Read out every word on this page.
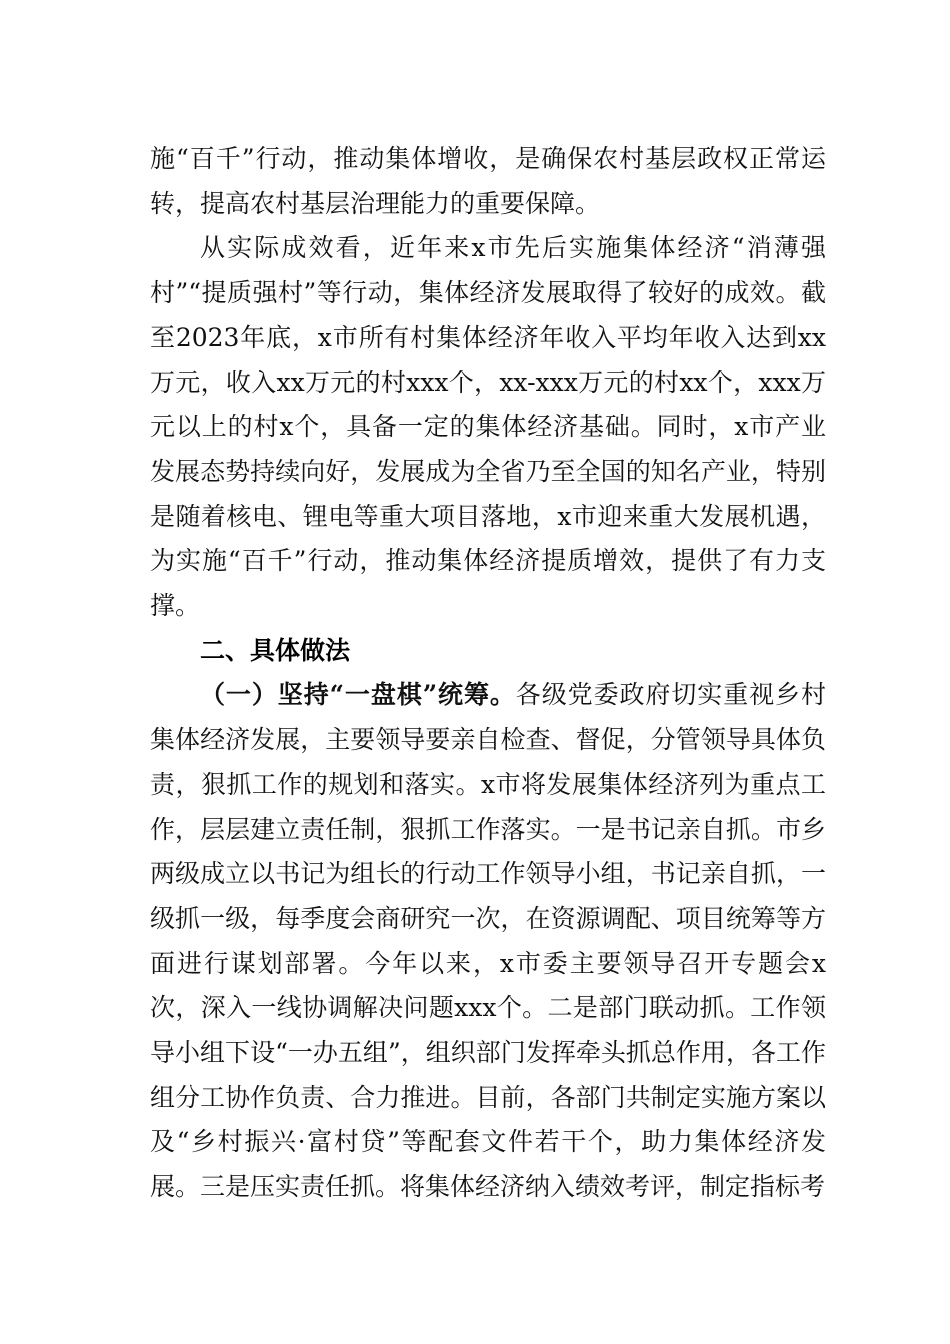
施“百千”行动，推动集体增收，是确保农村基层政权正常运转，提高农村基层治理能力的重要保障。

从实际成效看，近年来x市先后实施集体经济“消薄强村”“提质强村”等行动，集体经济发展取得了较好的成效。截至2023年底，x市所有村集体经济年收入平均年收入达到xx万元，收入xx万元的村xxx个，xx-xxx万元的村xx个，xxx万元以上的村x个，具备一定的集体经济基础。同时，x市产业发展态势持续向好，发展成为全省乃至全国的知名产业，特别是随着核电、锂电等重大项目落地，x市迎来重大发展机遇，为实施“百千”行动，推动集体经济提质增效，提供了有力支撑。

二、具体做法

（一）坚持“一盘棋”统筹。各级党委政府切实重视乡村集体经济发展，主要领导要亲自检查、督促，分管领导具体负责，狠抓工作的规划和落实。x市将发展集体经济列为重点工作，层层建立责任制，狠抓工作落实。一是书记亲自抓。市乡两级成立以书记为组长的行动工作领导小组，书记亲自抓，一级抓一级，每季度会商研究一次，在资源调配、项目统筹等方面进行谋划部署。今年以来，x市委主要领导召开专题会x次，深入一线协调解决问题xxx个。二是部门联动抓。工作领导小组下设“一办五组”，组织部门发挥牵头抓总作用，各工作组分工协作负责、合力推进。目前，各部门共制定实施方案以及“乡村振兴·富村贷”等配套文件若干个，助力集体经济发展。三是压实责任抓。将集体经济纳入绩效考评，制定指标考
